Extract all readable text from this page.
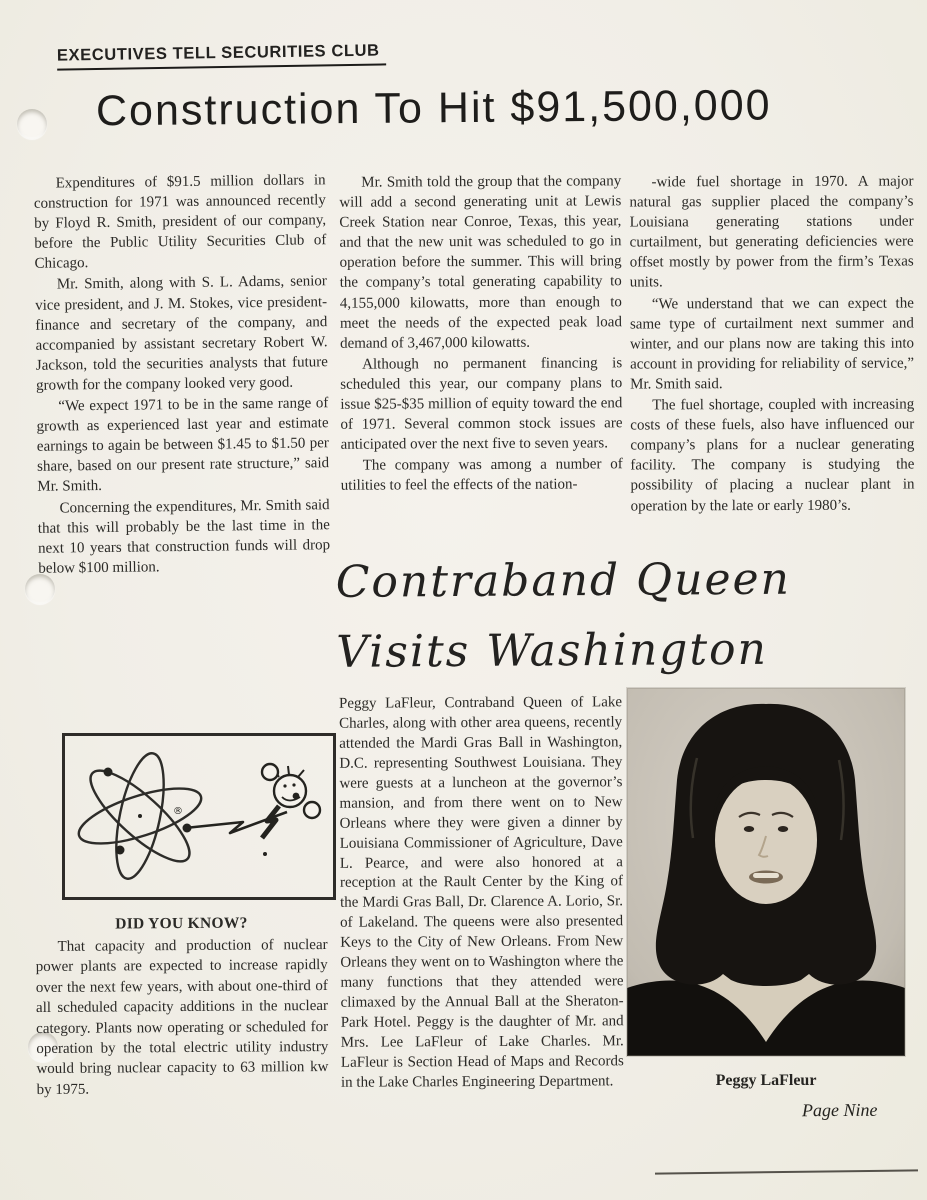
EXECUTIVES TELL SECURITIES CLUB
Construction To Hit $91,500,000

Expenditures of $91.5 million dollars in construction for 1971 was announced recently by Floyd R. Smith, president of our company, before the Public Utility Securities Club of Chicago.

Mr. Smith, along with S. L. Adams, senior vice president, and J. M. Stokes, vice president-finance and secretary of the company, and accompanied by assistant secretary Robert W. Jackson, told the securities analysts that future growth for the company looked very good.

“We expect 1971 to be in the same range of growth as experienced last year and estimate earnings to again be between $1.45 to $1.50 per share, based on our present rate structure,” said Mr. Smith.

Concerning the expenditures, Mr. Smith said that this will probably be the last time in the next 10 years that construction funds will drop below $100 million.

Mr. Smith told the group that the company will add a second generating unit at Lewis Creek Station near Conroe, Texas, this year, and that the new unit was scheduled to go in operation before the summer. This will bring the company’s total generating capability to 4,155,000 kilowatts, more than enough to meet the needs of the expected peak load demand of 3,467,000 kilowatts.

Although no permanent financing is scheduled this year, our company plans to issue $25-$35 million of equity toward the end of 1971. Several common stock issues are anticipated over the next five to seven years.

The company was among a number of utilities to feel the effects of the nation-

-wide fuel shortage in 1970. A major natural gas supplier placed the company’s Louisiana generating stations under curtailment, but generating deficiencies were offset mostly by power from the firm’s Texas units.

“We understand that we can expect the same type of curtailment next summer and winter, and our plans now are taking this into account in providing for reliability of service,” Mr. Smith said.

The fuel shortage, coupled with increasing costs of these fuels, also have influenced our company’s plans for a nuclear generating facility. The company is studying the possibility of placing a nuclear plant in operation by the late or early 1980’s.

Contraband Queen
Visits Washington
®
DID YOU KNOW?

That capacity and production of nuclear power plants are expected to increase rapidly over the next few years, with about one-third of all scheduled capacity additions in the nuclear category. Plants now operating or scheduled for operation by the total electric utility industry would bring nuclear capacity to 63 million kw by 1975.

Peggy LaFleur, Contraband Queen of Lake Charles, along with other area queens, recently attended the Mardi Gras Ball in Washington, D.C. representing Southwest Louisiana. They were guests at a luncheon at the governor’s mansion, and from there went on to New Orleans where they were given a dinner by Louisiana Commissioner of Agriculture, Dave L. Pearce, and were also honored at a reception at the Rault Center by the King of the Mardi Gras Ball, Dr. Clarence A. Lorio, Sr. of Lakeland. The queens were also presented Keys to the City of New Orleans. From New Orleans they went on to Washington where the many functions that they attended were climaxed by the Annual Ball at the Sheraton-Park Hotel. Peggy is the daughter of Mr. and Mrs. Lee LaFleur of Lake Charles. Mr. LaFleur is Section Head of Maps and Records in the Lake Charles Engineering Department.	Peggy LaFleur
Page Nine
